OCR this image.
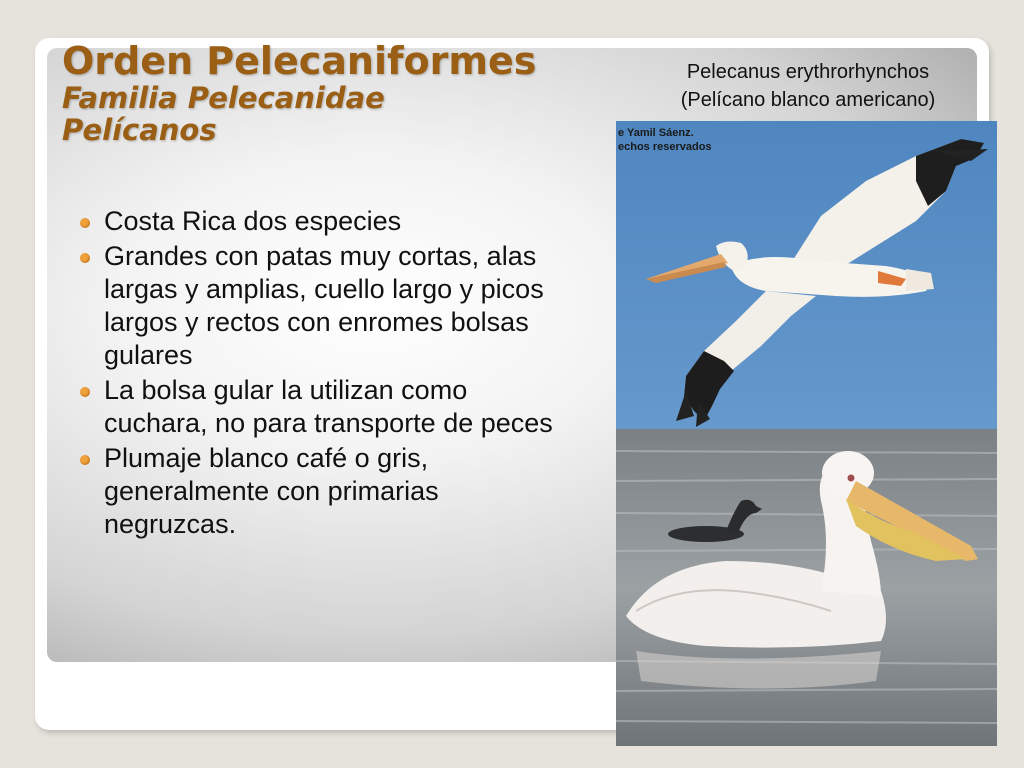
Orden Pelecaniformes
Familia Pelecanidae
Pelícanos
Pelecanus erythrorhynchos
(Pelícano blanco americano)
Costa Rica dos especies
Grandes con patas muy cortas, alas largas y amplias, cuello largo y picos largos y rectos con enromes bolsas gulares
La bolsa gular la utilizan como cuchara, no para transporte de peces
Plumaje blanco café o gris, generalmente con primarias negruzcas.
e Yamil Sáenz.
echos reservados
